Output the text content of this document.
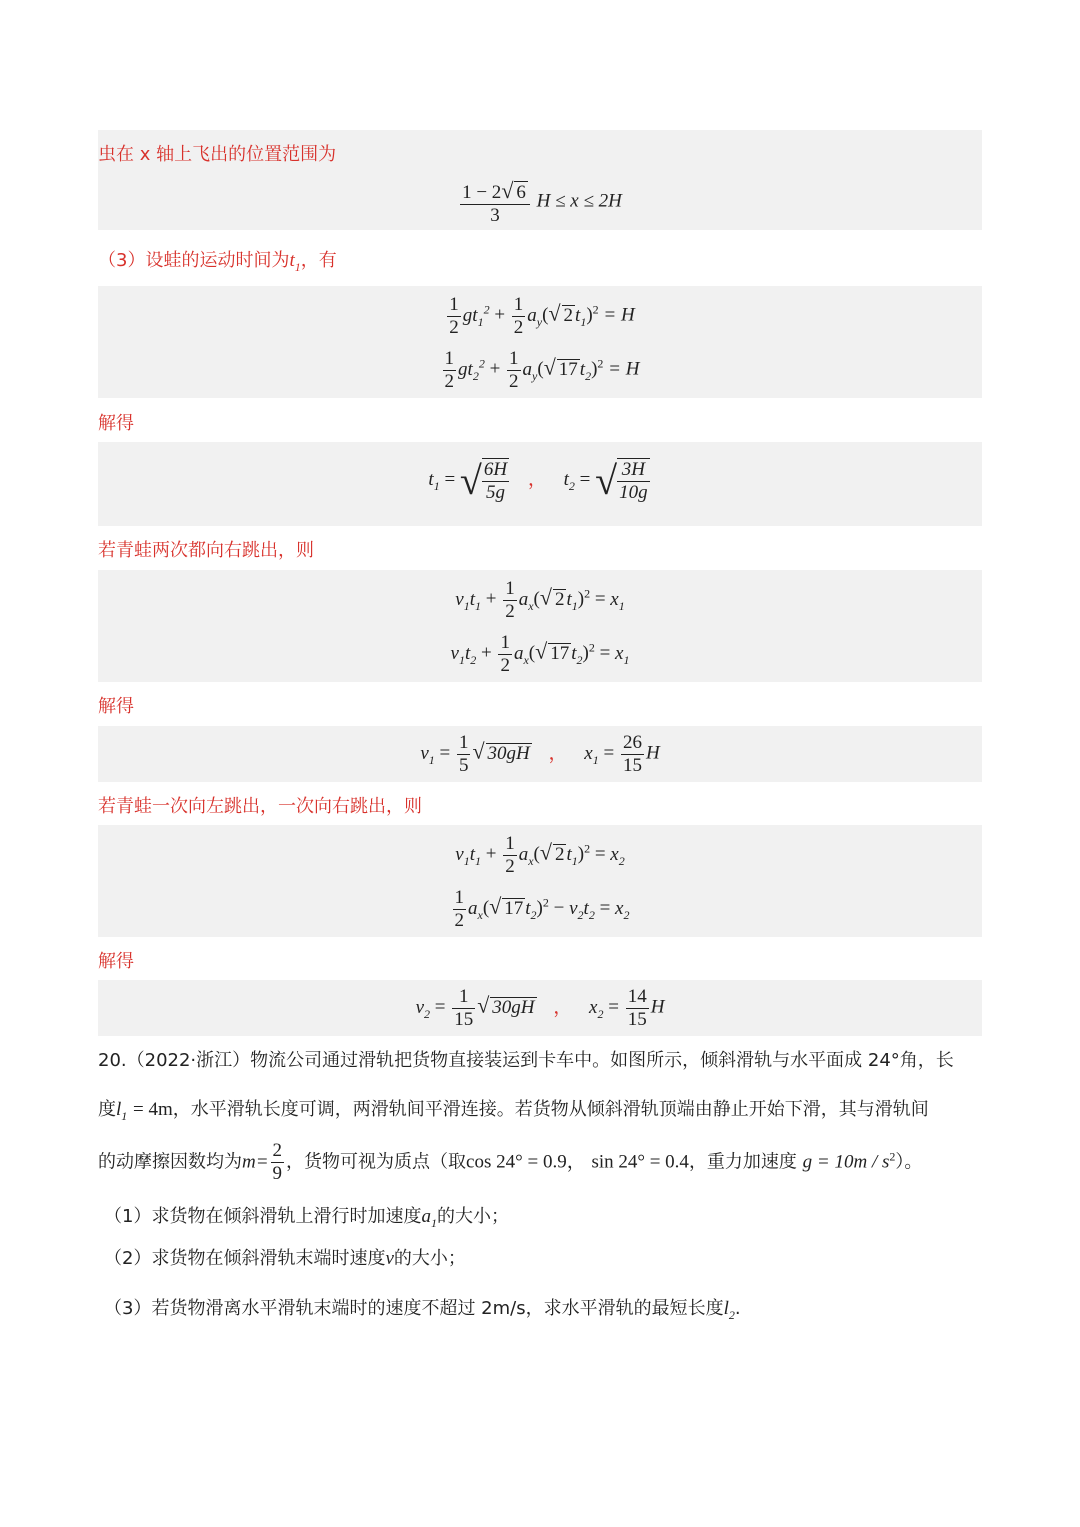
虫在 x 轴上飞出的位置范围为
$\frac{1 - 2√ 6}{3}$ H ≤ x ≤ 2H
（3）设蛙的运动时间为$t_1$，有
$\frac{1}{2} gt_1^2 + \frac{1}{2} a_y(√$ 2 $t_1)^2 = H$
$\frac{1}{2} gt_2^2 + \frac{1}{2} a_y(√$ 17 $t_2)^2 = H$
解得
$t_1$ = √ $\frac{6H}{5g}$ ， $t_2$ = √ $\frac{3H}{10g}$
若青蛙两次都向右跳出，则
$v_1t_1 + \frac{1}{2} a_x(√$ 2 $t_1)^2 = x_1$
$v_1t_2 + \frac{1}{2} a_x(√$ 17 $t_2)^2 = x_1$
解得
$v_1 = \frac{1}{5}$ √ 30gH ， $x_1 = \frac{26}{15}$ H
若青蛙一次向左跳出，一次向右跳出，则
$v_1t_1 + \frac{1}{2} a_x(√$ 2 $t_1)^2 = x_2$
$\frac{1}{2} a_x(√$ 17 $t_2)^2 - v_2t_2 = x_2$
解得
$v_2 = \frac{1}{15}$ √ 30gH ， $x_2 = \frac{14}{15}$ H
20.（2022·浙江）物流公司通过滑轨把货物直接装运到卡车中。如图所示，倾斜滑轨与水平面成 24°角，长
度$l_1 = 4m$，水平滑轨长度可调，两滑轨间平滑连接。若货物从倾斜滑轨顶端由静止开始下滑，其与滑轨间
的动摩擦因数均为$m= \frac{2}{9}$ ，货物可视为质点（取cos 24° = 0.9， sin 24° = 0.4，重力加速度 $g = 10m / s^2$）。
（1）求货物在倾斜滑轨上滑行时加速度$a_1$的大小；
（2）求货物在倾斜滑轨末端时速度v的大小；
（3）若货物滑离水平滑轨末端时的速度不超过 2m/s，求水平滑轨的最短长度$l_2$.
